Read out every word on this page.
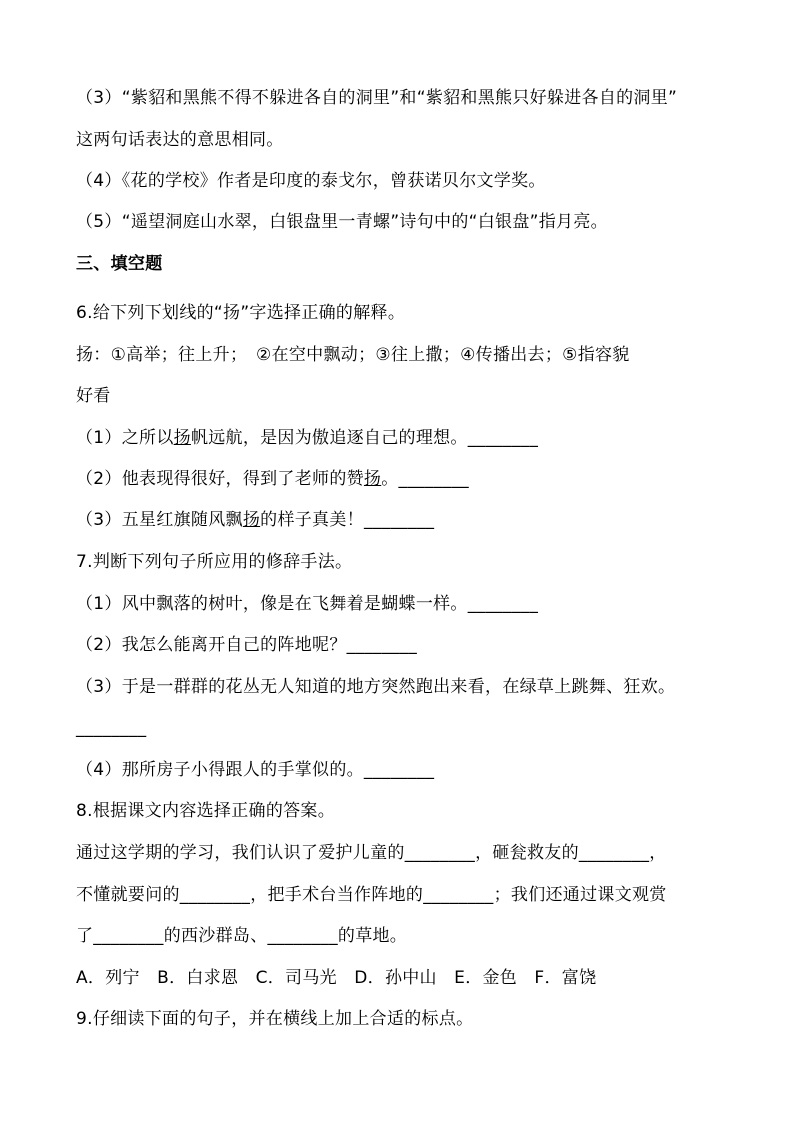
（3）“紫貂和黑熊不得不躲进各自的洞里”和“紫貂和黑熊只好躲进各自的洞里”
这两句话表达的意思相同。
（4）《花的学校》作者是印度的泰戈尔，曾获诺贝尔文学奖。
（5）“遥望洞庭山水翠，白银盘里一青螺”诗句中的“白银盘”指月亮。
三、填空题
6.给下列下划线的“扬”字选择正确的解释。
扬：①高举；往上升；　②在空中飘动；③往上撒；④传播出去；⑤指容貌
好看
（1）之所以扬帆远航，是因为傲追逐自己的理想。________
（2）他表现得很好，得到了老师的赞扬。________
（3）五星红旗随风飘扬的样子真美！________
7.判断下列句子所应用的修辞手法。
（1）风中飘落的树叶，像是在飞舞着是蝴蝶一样。________
（2）我怎么能离开自己的阵地呢？________
（3）于是一群群的花丛无人知道的地方突然跑出来看，在绿草上跳舞、狂欢。
________
（4）那所房子小得跟人的手掌似的。________
8.根据课文内容选择正确的答案。
通过这学期的学习，我们认识了爱护儿童的________，砸瓮救友的________，
不懂就要问的________，把手术台当作阵地的________；我们还通过课文观赏
了________的西沙群岛、________的草地。
A．列宁　B．白求恩　C．司马光　D．孙中山　E．金色　F．富饶
9.仔细读下面的句子，并在横线上加上合适的标点。
